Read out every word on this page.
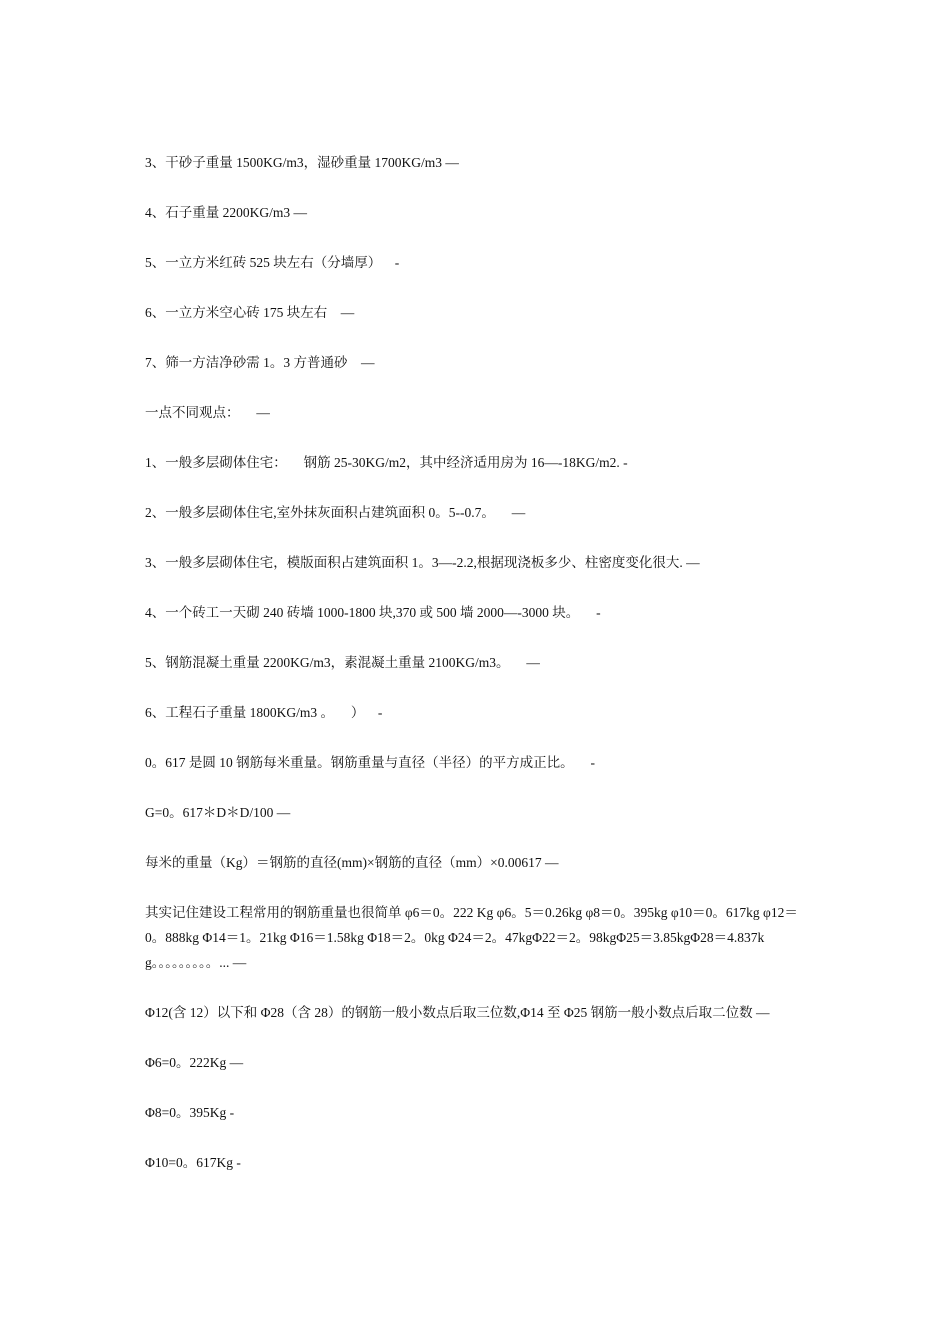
3、干砂子重量 1500KG/m3，湿砂重量 1700KG/m3 —

4、石子重量 2200KG/m3 —

5、一立方米红砖 525 块左右（分墙厚）    -

6、一立方米空心砖 175 块左右    —

7、筛一方洁净砂需 1。3 方普通砂    —

一点不同观点：     —

1、一般多层砌体住宅：     钢筋 25-30KG/m2，其中经济适用房为 16—-18KG/m2. -

2、一般多层砌体住宅,室外抹灰面积占建筑面积 0。5--0.7。     —

3、一般多层砌体住宅，模版面积占建筑面积 1。3—-2.2,根据现浇板多少、柱密度变化很大. —

4、一个砖工一天砌 240 砖墙 1000-1800 块,370 或 500 墙 2000—-3000 块。     -

5、钢筋混凝土重量 2200KG/m3，素混凝土重量 2100KG/m3。     —

6、工程石子重量 1800KG/m3 。     ）    -

0。617 是圆 10 钢筋每米重量。钢筋重量与直径（半径）的平方成正比。     -

G=0。617＊D＊D/100 —

每米的重量（Kg）＝钢筋的直径(mm)×钢筋的直径（mm）×0.00617 —

其实记住建设工程常用的钢筋重量也很简单 φ6＝0。222 Kg φ6。5＝0.26kg φ8＝0。395kg φ10＝0。617kg φ12＝0。888kg Φ14＝1。21kg Φ16＝1.58kg Φ18＝2。0kg Φ24＝2。47kgΦ22＝2。98kgΦ25＝3.85kgΦ28＝4.837kg。。。。。。。。。... —

Φ12(含 12）以下和 Φ28（含 28）的钢筋一般小数点后取三位数,Φ14 至 Φ25 钢筋一般小数点后取二位数 —

Φ6=0。222Kg —

Φ8=0。395Kg -

Φ10=0。617Kg -
